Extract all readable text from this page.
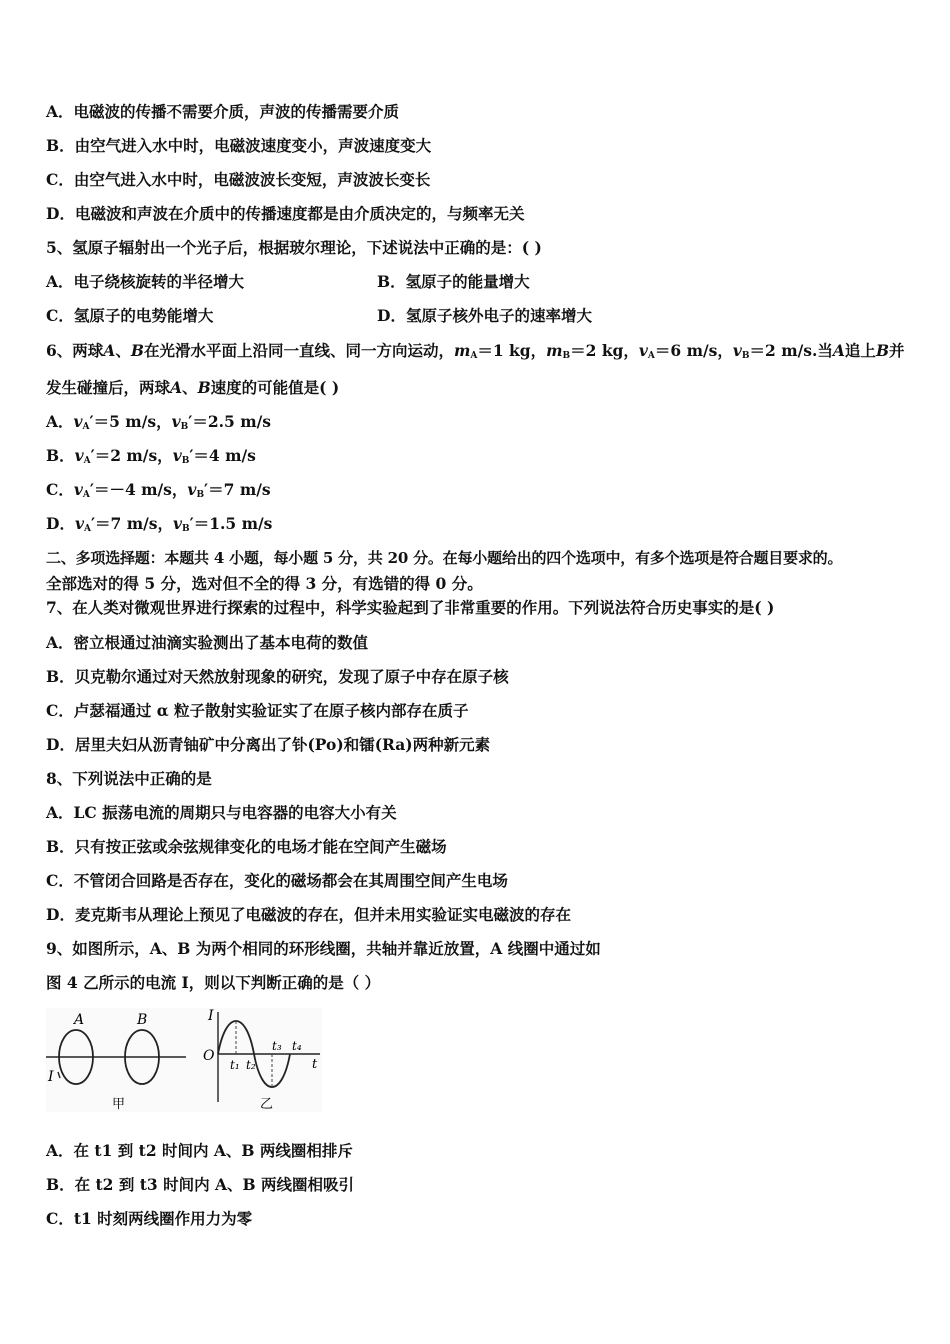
A．电磁波的传播不需要介质，声波的传播需要介质
B．由空气进入水中时，电磁波速度变小，声波速度变大
C．由空气进入水中时，电磁波波长变短，声波波长变长
D．电磁波和声波在介质中的传播速度都是由介质决定的，与频率无关
5、氢原子辐射出一个光子后，根据玻尔理论，下述说法中正确的是：( )
A．电子绕核旋转的半径增大	B．氢原子的能量增大
C．氢原子的电势能增大	D．氢原子核外电子的速率增大
6、两球A、B在光滑水平面上沿同一直线、同一方向运动，$m_A=1$ kg，$m_B=2$ kg，$v_A=6$ m/s，$v_B=2$ m/s.当A追上B并
发生碰撞后，两球A、B速度的可能值是( )
A．$v_A'=5$ m/s，$v_B'=2.5$ m/s
B．$v_A'=2$ m/s，$v_B'=4$ m/s
C．$v_A'=-4$ m/s，$v_B'=7$ m/s
D．$v_A'=7$ m/s，$v_B'=1.5$ m/s
二、多项选择题：本题共 4 小题，每小题 5 分，共 20 分。在每小题给出的四个选项中，有多个选项是符合题目要求的。
全部选对的得 5 分，选对但不全的得 3 分，有选错的得 0 分。
7、在人类对微观世界进行探索的过程中，科学实验起到了非常重要的作用。下列说法符合历史事实的是( )
A．密立根通过油滴实验测出了基本电荷的数值
B．贝克勒尔通过对天然放射现象的研究，发现了原子中存在原子核
C．卢瑟福通过 α 粒子散射实验证实了在原子核内部存在质子
D．居里夫妇从沥青铀矿中分离出了钋(Po)和镭(Ra)两种新元素
8、下列说法中正确的是
A．LC 振荡电流的周期只与电容器的电容大小有关
B．只有按正弦或余弦规律变化的电场才能在空间产生磁场
C．不管闭合回路是否存在，变化的磁场都会在其周围空间产生电场
D．麦克斯韦从理论上预见了电磁波的存在，但并未用实验证实电磁波的存在
9、如图所示，A、B 为两个相同的环形线圈，共轴并靠近放置，A 线圈中通过如
图 4 乙所示的电流 I，则以下判断正确的是（ ）
A	B
I
甲
I
O
t₁ t₂
t₃ t₄
t
乙
A．在 t1 到 t2 时间内 A、B 两线圈相排斥
B．在 t2 到 t3 时间内 A、B 两线圈相吸引
C．t1 时刻两线圈作用力为零
